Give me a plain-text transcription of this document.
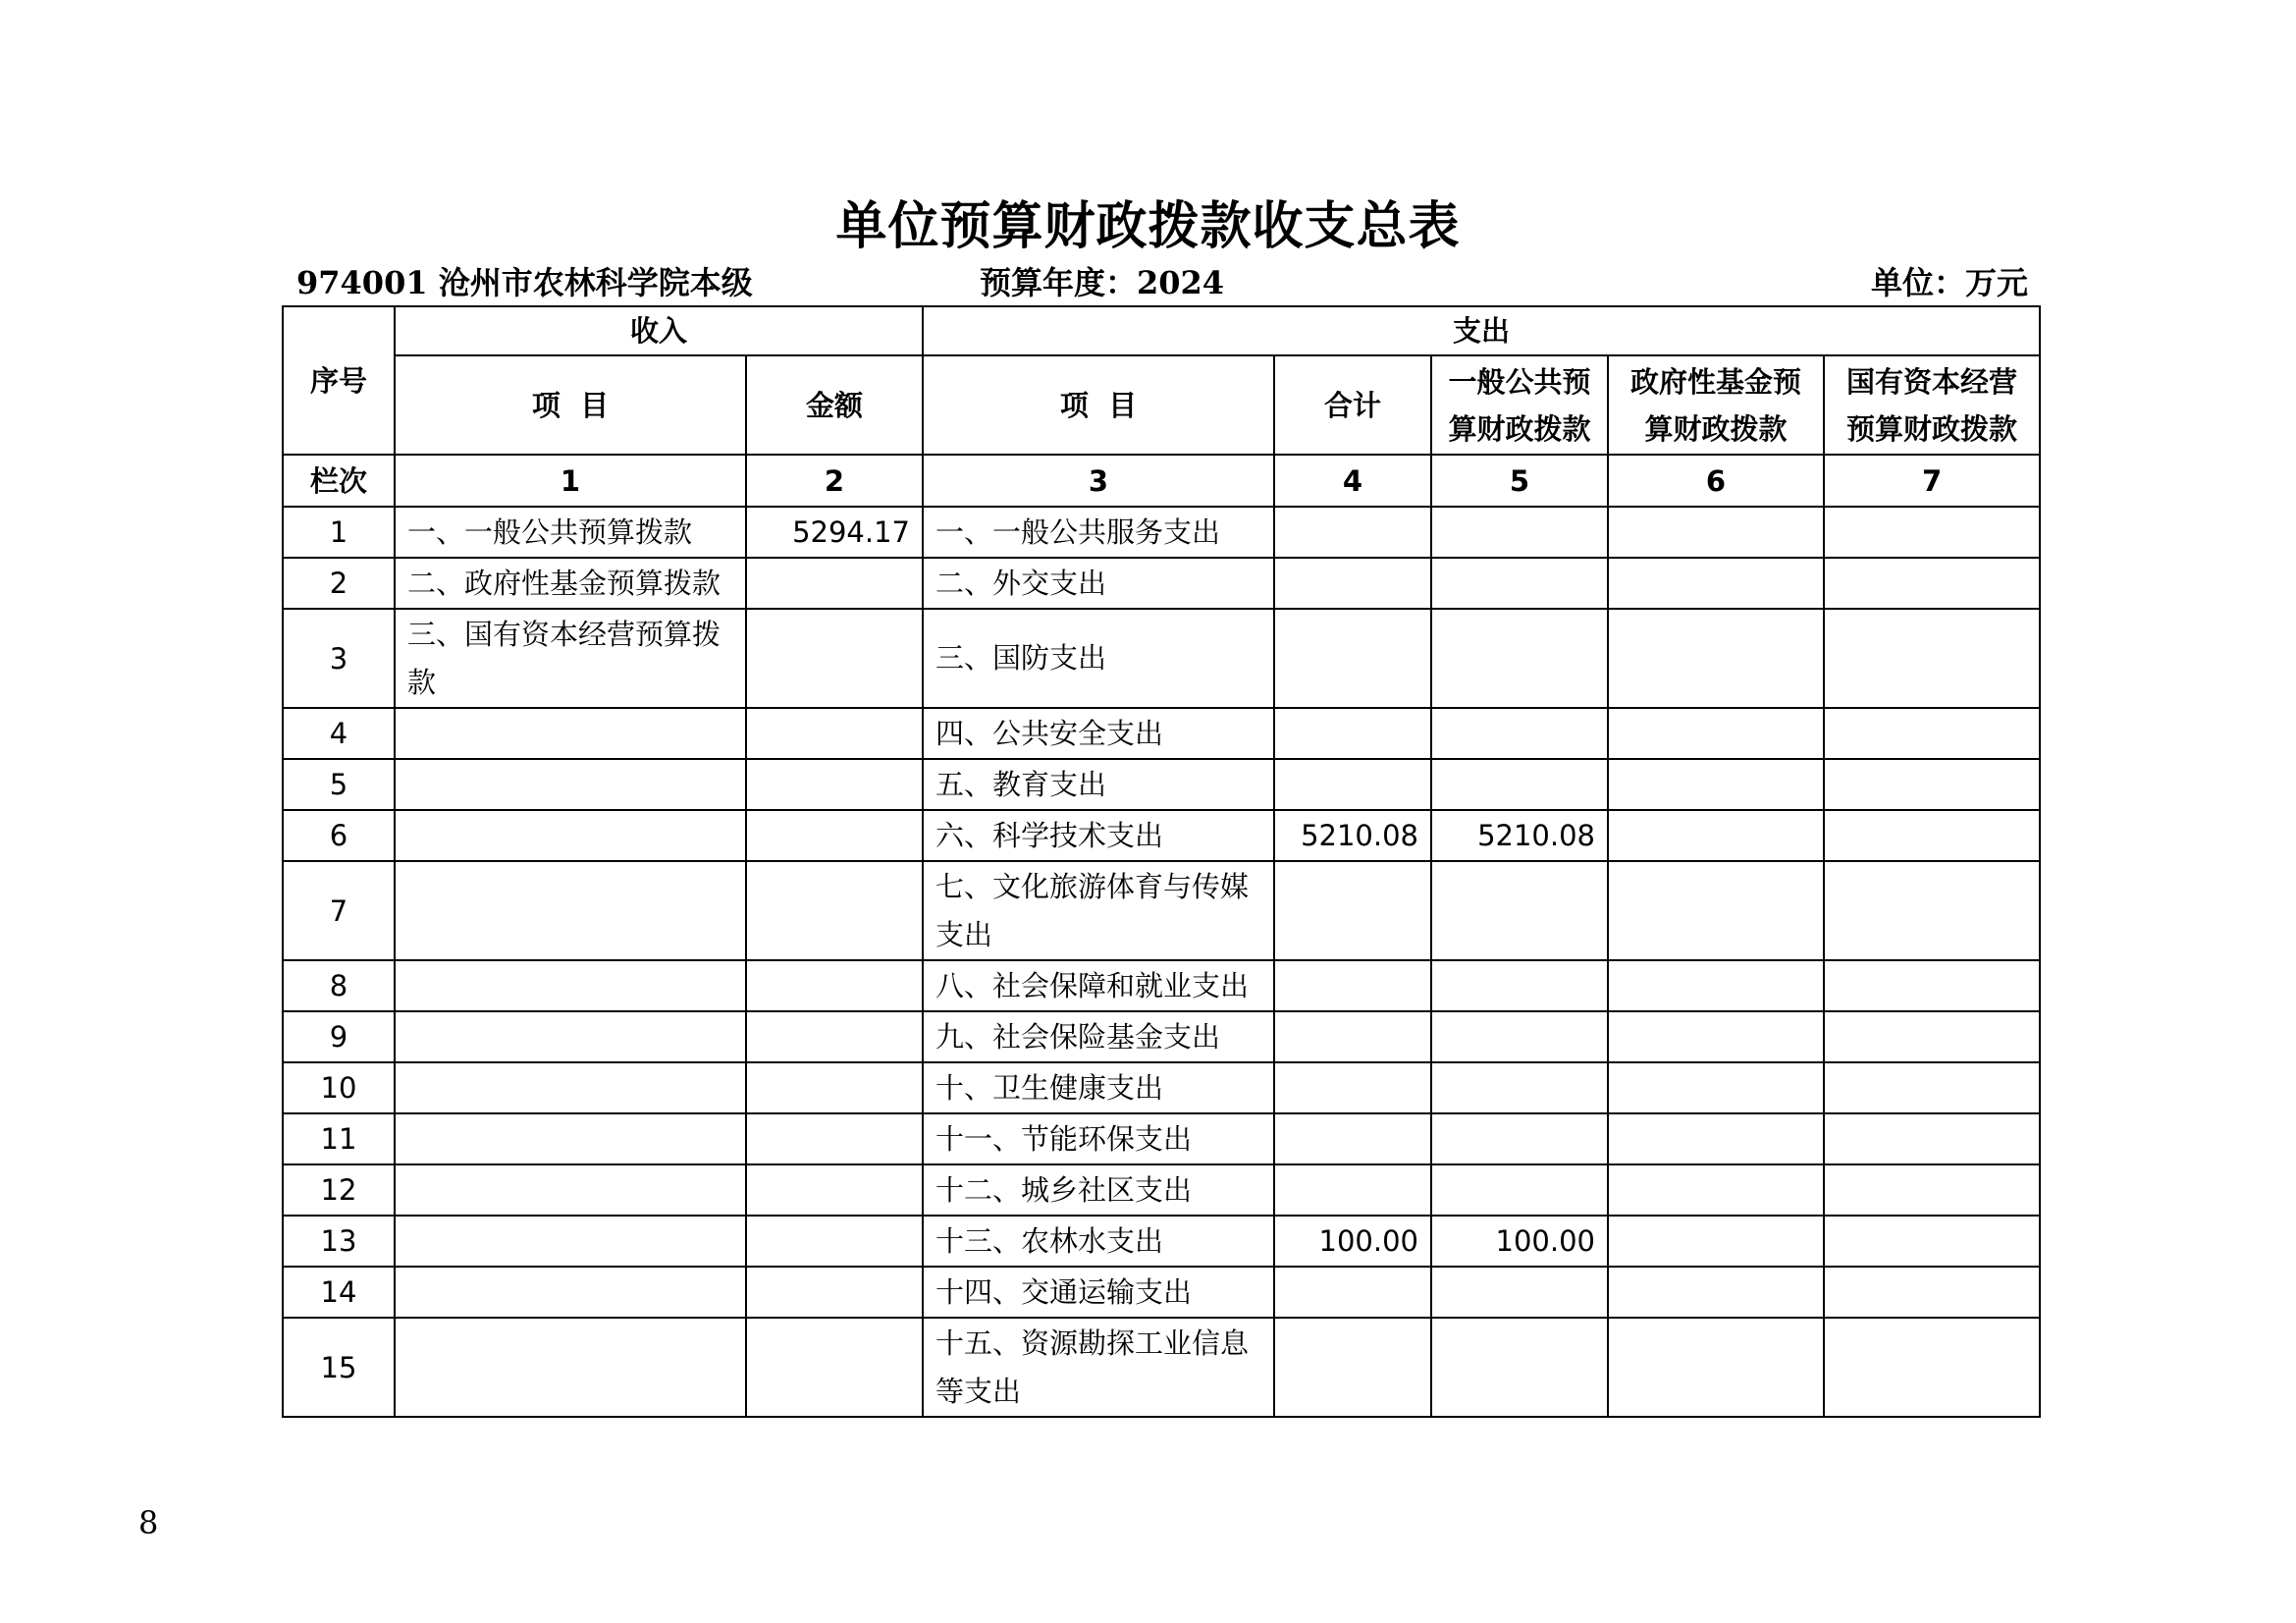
单位预算财政拨款收支总表
974001 沧州市农林科学院本级	预算年度：2024	单位：万元
序号	收入		支出				
	项  目	金额	项  目	合计	一般公共预算财政拨款	政府性基金预算财政拨款	国有资本经营预算财政拨款
栏次	1	2	3	4	5	6	7
1	一、一般公共预算拨款	5294.17	一、一般公共服务支出				
2	二、政府性基金预算拨款		二、外交支出				
3	三、国有资本经营预算拨款		三、国防支出				
4			四、公共安全支出				
5			五、教育支出				
6			六、科学技术支出	5210.08	5210.08		
7			七、文化旅游体育与传媒支出				
8			八、社会保障和就业支出				
9			九、社会保险基金支出				
10			十、卫生健康支出				
11			十一、节能环保支出				
12			十二、城乡社区支出				
13			十三、农林水支出	100.00	100.00		
14			十四、交通运输支出				
15			十五、资源勘探工业信息等支出				
8
